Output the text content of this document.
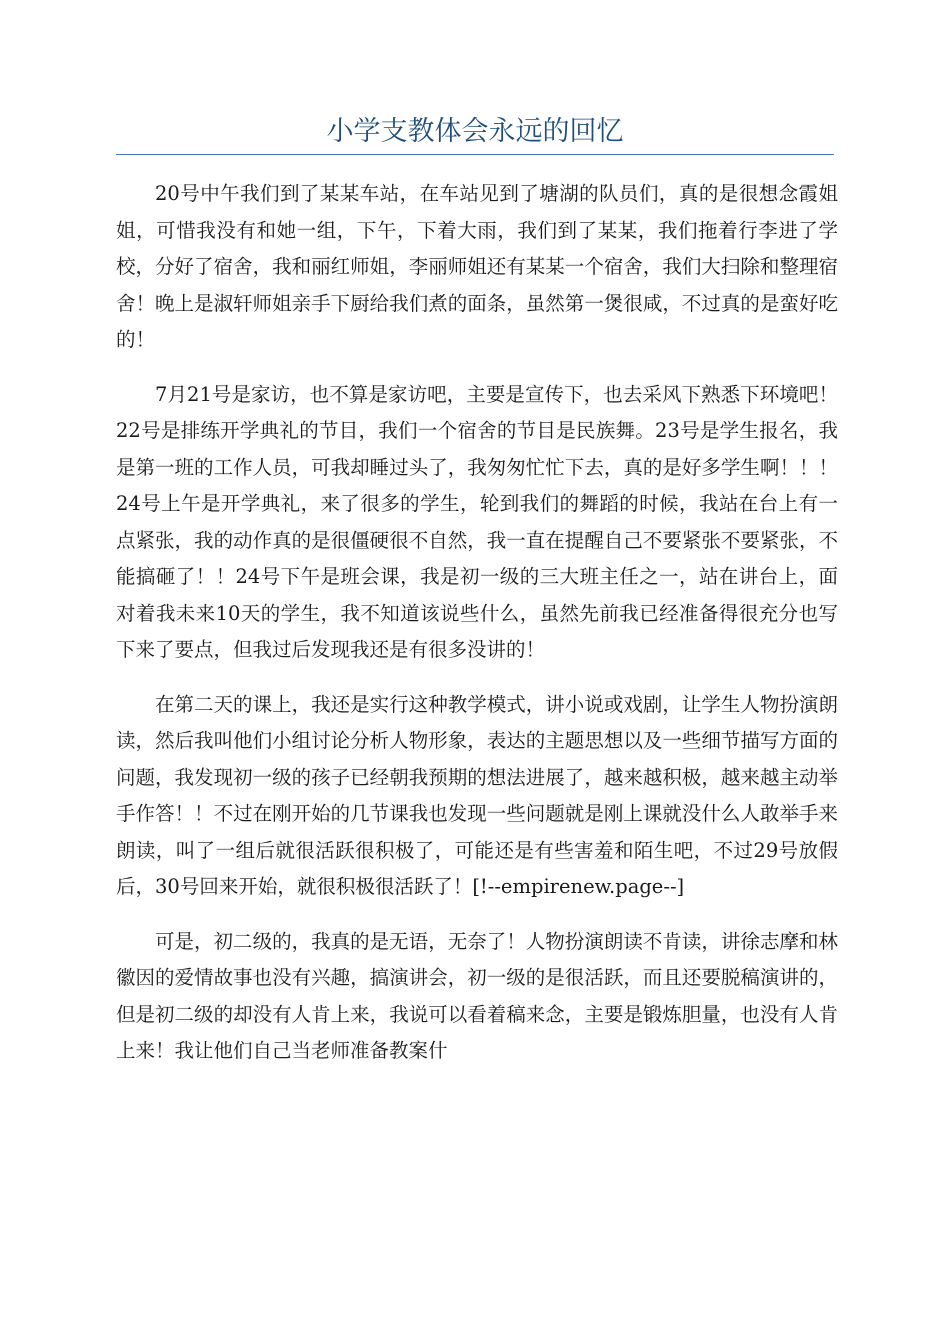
小学支教体会永远的回忆

20号中午我们到了某某车站，在车站见到了塘湖的队员们，真的是很想念霞姐姐，可惜我没有和她一组，下午，下着大雨，我们到了某某，我们拖着行李进了学校，分好了宿舍，我和丽红师姐，李丽师姐还有某某一个宿舍，我们大扫除和整理宿舍！晚上是淑轩师姐亲手下厨给我们煮的面条，虽然第一煲很咸，不过真的是蛮好吃的！

7月21号是家访，也不算是家访吧，主要是宣传下，也去采风下熟悉下环境吧！22号是排练开学典礼的节目，我们一个宿舍的节目是民族舞。23号是学生报名，我是第一班的工作人员，可我却睡过头了，我匆匆忙忙下去，真的是好多学生啊！！！24号上午是开学典礼，来了很多的学生，轮到我们的舞蹈的时候，我站在台上有一点紧张，我的动作真的是很僵硬很不自然，我一直在提醒自己不要紧张不要紧张，不能搞砸了！！24号下午是班会课，我是初一级的三大班主任之一，站在讲台上，面对着我未来10天的学生，我不知道该说些什么，虽然先前我已经准备得很充分也写下来了要点，但我过后发现我还是有很多没讲的！

在第二天的课上，我还是实行这种教学模式，讲小说或戏剧，让学生人物扮演朗读，然后我叫他们小组讨论分析人物形象，表达的主题思想以及一些细节描写方面的问题，我发现初一级的孩子已经朝我预期的想法进展了，越来越积极，越来越主动举手作答！！不过在刚开始的几节课我也发现一些问题就是刚上课就没什么人敢举手来朗读，叫了一组后就很活跃很积极了，可能还是有些害羞和陌生吧，不过29号放假后，30号回来开始，就很积极很活跃了！[!--empirenew.page--]

可是，初二级的，我真的是无语，无奈了！人物扮演朗读不肯读，讲徐志摩和林徽因的爱情故事也没有兴趣，搞演讲会，初一级的是很活跃，而且还要脱稿演讲的，但是初二级的却没有人肯上来，我说可以看着稿来念，主要是锻炼胆量，也没有人肯上来！我让他们自己当老师准备教案什
